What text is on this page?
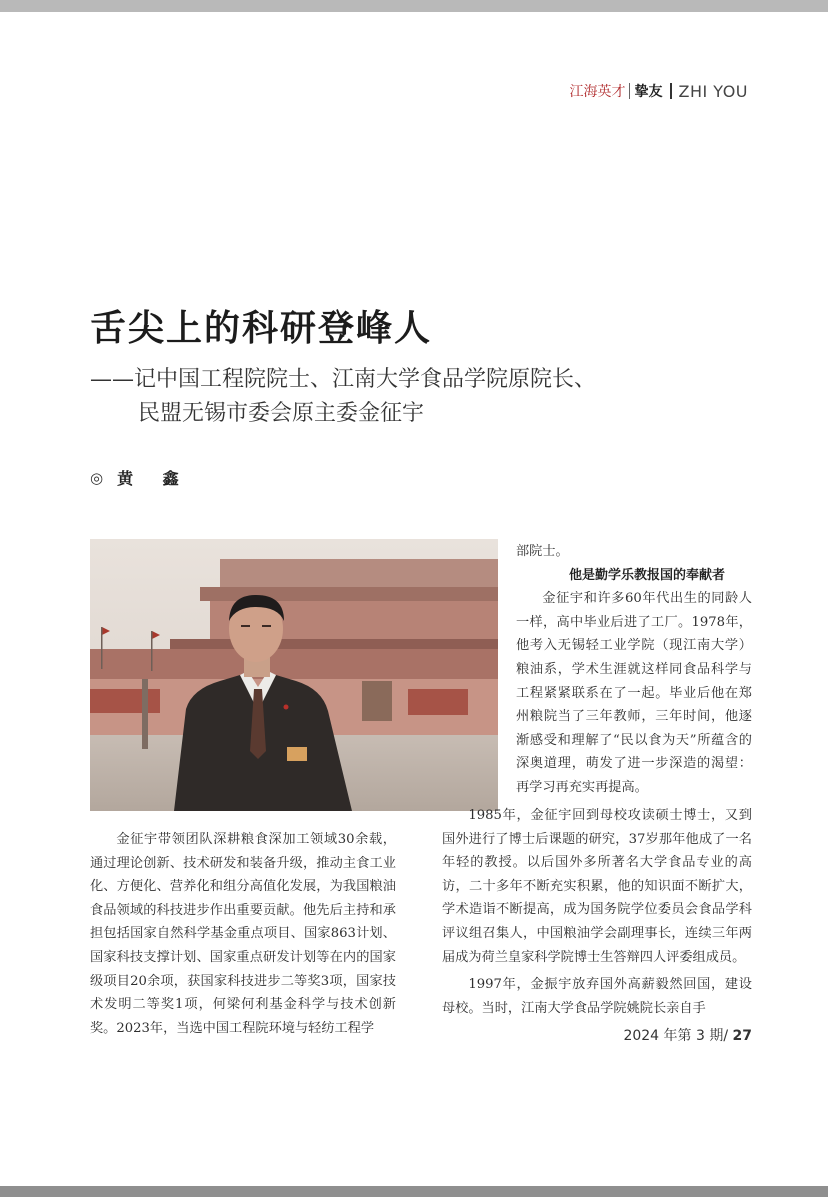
江海英才 挚友 ZHI YOU
舌尖上的科研登峰人
——记中国工程院院士、江南大学食品学院原院长、
民盟无锡市委会原主委金征宇
◎ 黄 鑫

金征宇带领团队深耕粮食深加工领域30余载，通过理论创新、技术研发和装备升级，推动主食工业化、方便化、营养化和组分高值化发展，为我国粮油食品领域的科技进步作出重要贡献。他先后主持和承担包括国家自然科学基金重点项目、国家863计划、国家科技支撑计划、国家重点研发计划等在内的国家级项目20余项，获国家科技进步二等奖3项，国家技术发明二等奖1项，何梁何利基金科学与技术创新奖。2023年，当选中国工程院环境与轻纺工程学

部院士。

他是勤学乐教报国的奉献者

金征宇和许多60年代出生的同龄人一样，高中毕业后进了工厂。1978年，他考入无锡轻工业学院（现江南大学）粮油系，学术生涯就这样同食品科学与工程紧紧联系在了一起。毕业后他在郑州粮院当了三年教师，三年时间，他逐渐感受和理解了“民以食为天”所蕴含的深奥道理，萌发了进一步深造的渴望：再学习再充实再提高。

1985年，金征宇回到母校攻读硕士博士，又到国外进行了博士后课题的研究，37岁那年他成了一名年轻的教授。以后国外多所著名大学食品专业的高访，二十多年不断充实积累，他的知识面不断扩大，学术造诣不断提高，成为国务院学位委员会食品学科评议组召集人，中国粮油学会副理事长，连续三年两届成为荷兰皇家科学院博士生答辩四人评委组成员。

1997年，金振宇放弃国外高薪毅然回国，建设母校。当时，江南大学食品学院姚院长亲自手

2024 年第 3 期/ 27
